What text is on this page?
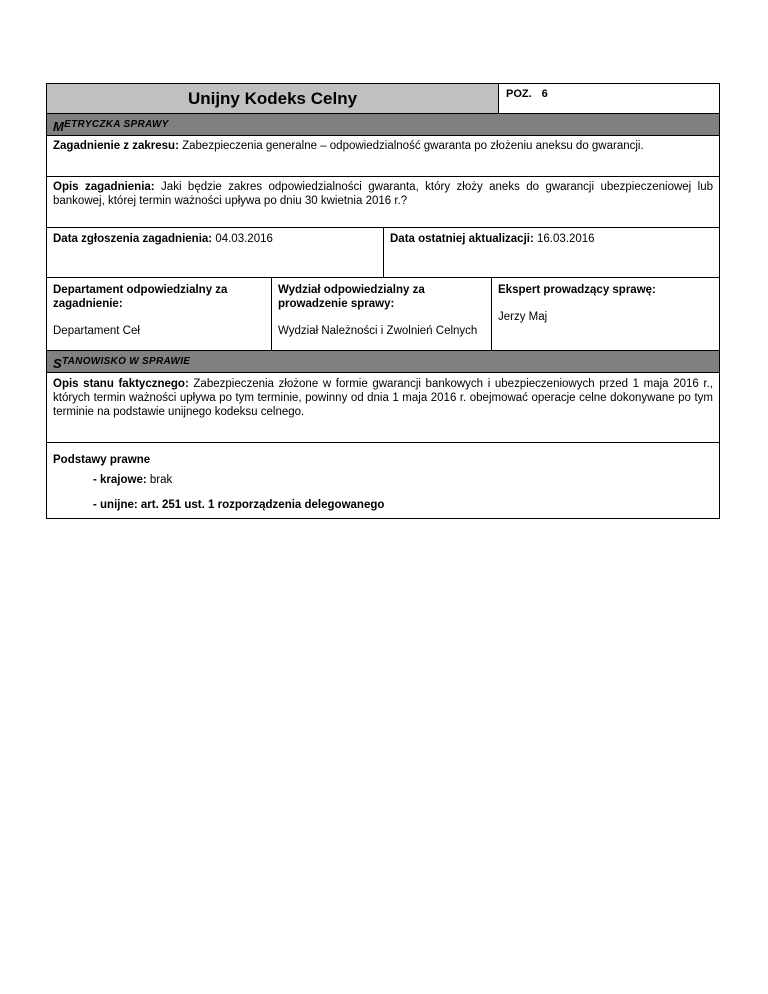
Unijny Kodeks Celny	POZ. 6
M ETRYCZKA SPRAWY
Zagadnienie z zakresu: Zabezpieczenia generalne – odpowiedzialność gwaranta po złożeniu aneksu do gwarancji.
Opis zagadnienia: Jaki będzie zakres odpowiedzialności gwaranta, który złoży aneks do gwarancji ubezpieczeniowej lub bankowej, której termin ważności upływa po dniu 30 kwietnia 2016 r.?
Data zgłoszenia zagadnienia: 04.03.2016	Data ostatniej aktualizacji: 16.03.2016
Departament odpowiedzialny za zagadnienie:
Departament Ceł
Wydział odpowiedzialny za prowadzenie sprawy:
Wydział Należności i Zwolnień Celnych
Ekspert prowadzący sprawę:
Jerzy Maj
S TANOWISKO W SPRAWIE
Opis stanu faktycznego: Zabezpieczenia złożone w formie gwarancji bankowych i ubezpieczeniowych przed 1 maja 2016 r., których termin ważności upływa po tym terminie, powinny od dnia 1 maja 2016 r. obejmować operacje celne dokonywane po tym terminie na podstawie unijnego kodeksu celnego.
Podstawy prawne
- krajowe: brak
- unijne: art. 251 ust. 1 rozporządzenia delegowanego
